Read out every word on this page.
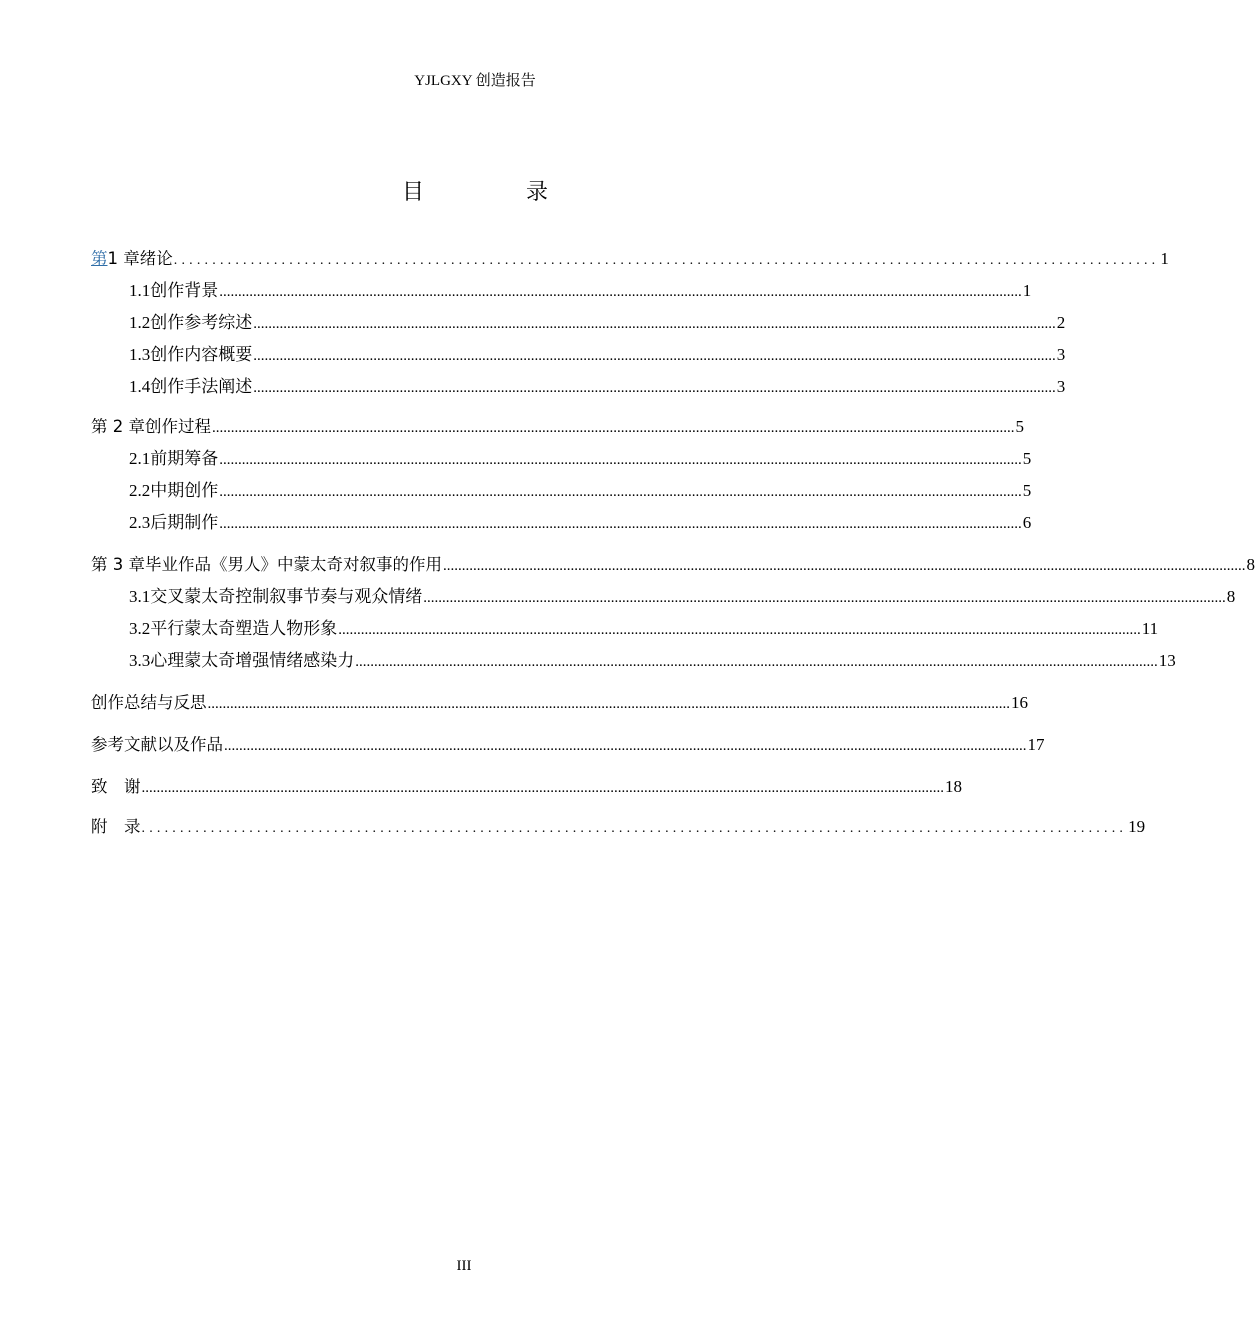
YJLGXY 创造报告
目　录
第 1 章 绪论 ................................................................................................................................ 1
1.1 创作背景 ...................................................................................................................................................................................................................... 1
1.2 创作参考综述 ...................................................................................................................................................................................................................... 2
1.3 创作内容概要 ...................................................................................................................................................................................................................... 3
1.4 创作手法阐述 ...................................................................................................................................................................................................................... 3
第 2 章 创作过程 ...................................................................................................................................................................................................................... 5
2.1 前期筹备 ...................................................................................................................................................................................................................... 5
2.2 中期创作 ...................................................................................................................................................................................................................... 5
2.3 后期制作 ...................................................................................................................................................................................................................... 6
第 3 章 毕业作品《男人》中蒙太奇对叙事的作用 ...................................................................................................................................................................................................................... 8
3.1 交叉蒙太奇控制叙事节奏与观众情绪 ...................................................................................................................................................................................................................... 8
3.2 平行蒙太奇塑造人物形象 ...................................................................................................................................................................................................................... 11
3.3 心理蒙太奇增强情绪感染力 ...................................................................................................................................................................................................................... 13
创作总结与反思 ...................................................................................................................................................................................................................... 16
参考文献以及作品 ...................................................................................................................................................................................................................... 17
致　谢 ...................................................................................................................................................................................................................... 18
附　录 ................................................................................................................................ 19
III
